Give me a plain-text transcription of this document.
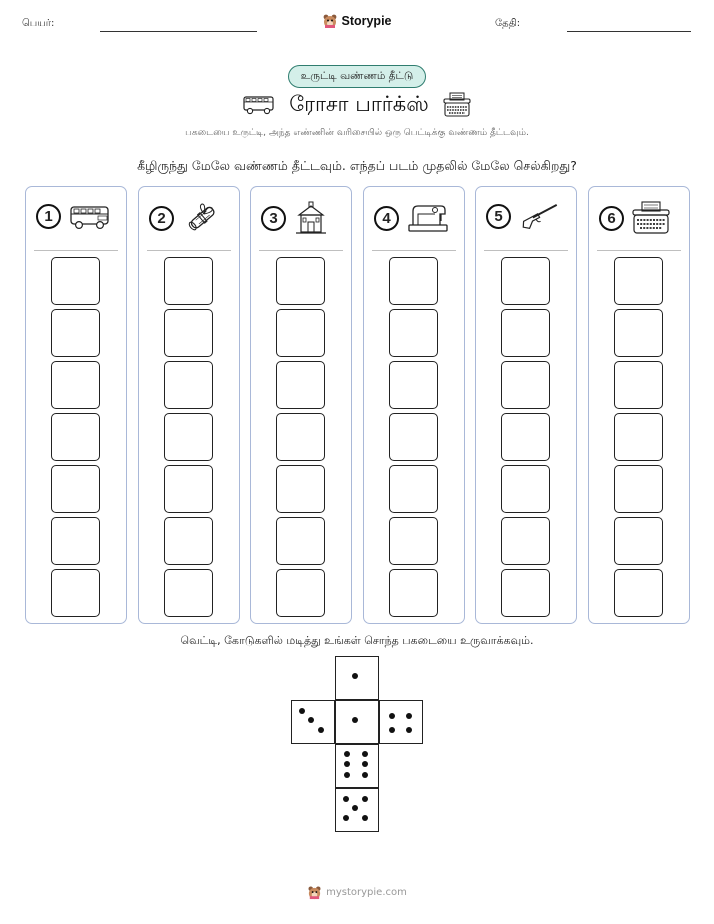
பெயர்:	Storypie	தேதி:
உருட்டி வண்ணம் தீட்டு
ரோசா பார்க்ஸ்
பகடையை உருட்டி, அந்த எண்ணின் வரிசையில் ஒரு பெட்டிக்கு வண்ணம் தீட்டவும்.
கீழிருந்து மேலே வண்ணம் தீட்டவும். எந்தப் படம் முதலில் மேலே செல்கிறது?
1	2	3	4	5	6
வெட்டி, கோடுகளில் மடித்து உங்கள் சொந்த பகடையை உருவாக்கவும்.
mystorypie.com
